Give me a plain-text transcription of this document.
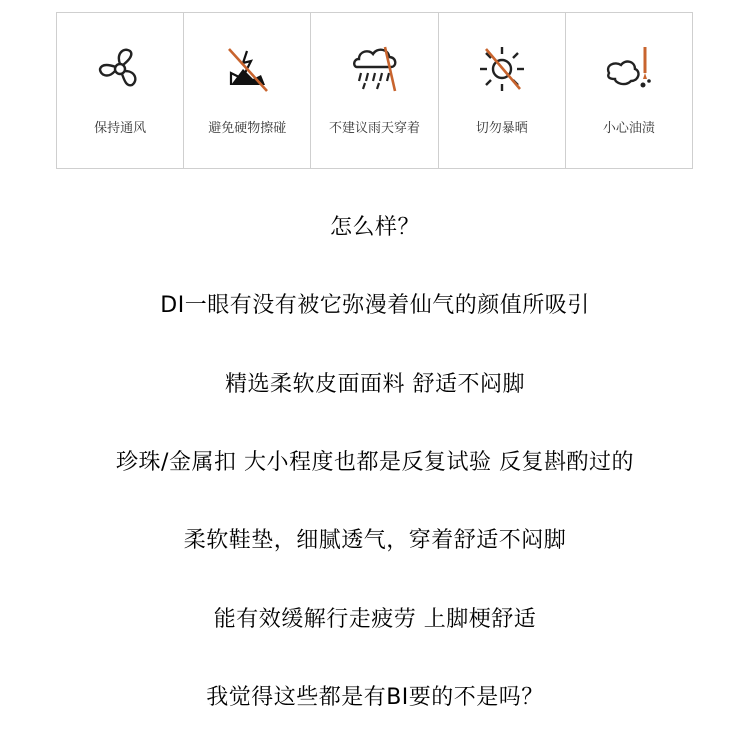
保持通风	避免硬物擦碰	不建议雨天穿着	切勿暴晒	小心油渍
怎么样？
DI一眼有没有被它弥漫着仙气的颜值所吸引
精选柔软皮面面料 舒适不闷脚
珍珠/金属扣 大小程度也都是反复试验 反复斟酌过的
柔软鞋垫，细腻透气，穿着舒适不闷脚
能有效缓解行走疲劳 上脚梗舒适
我觉得这些都是有BI要的不是吗？
